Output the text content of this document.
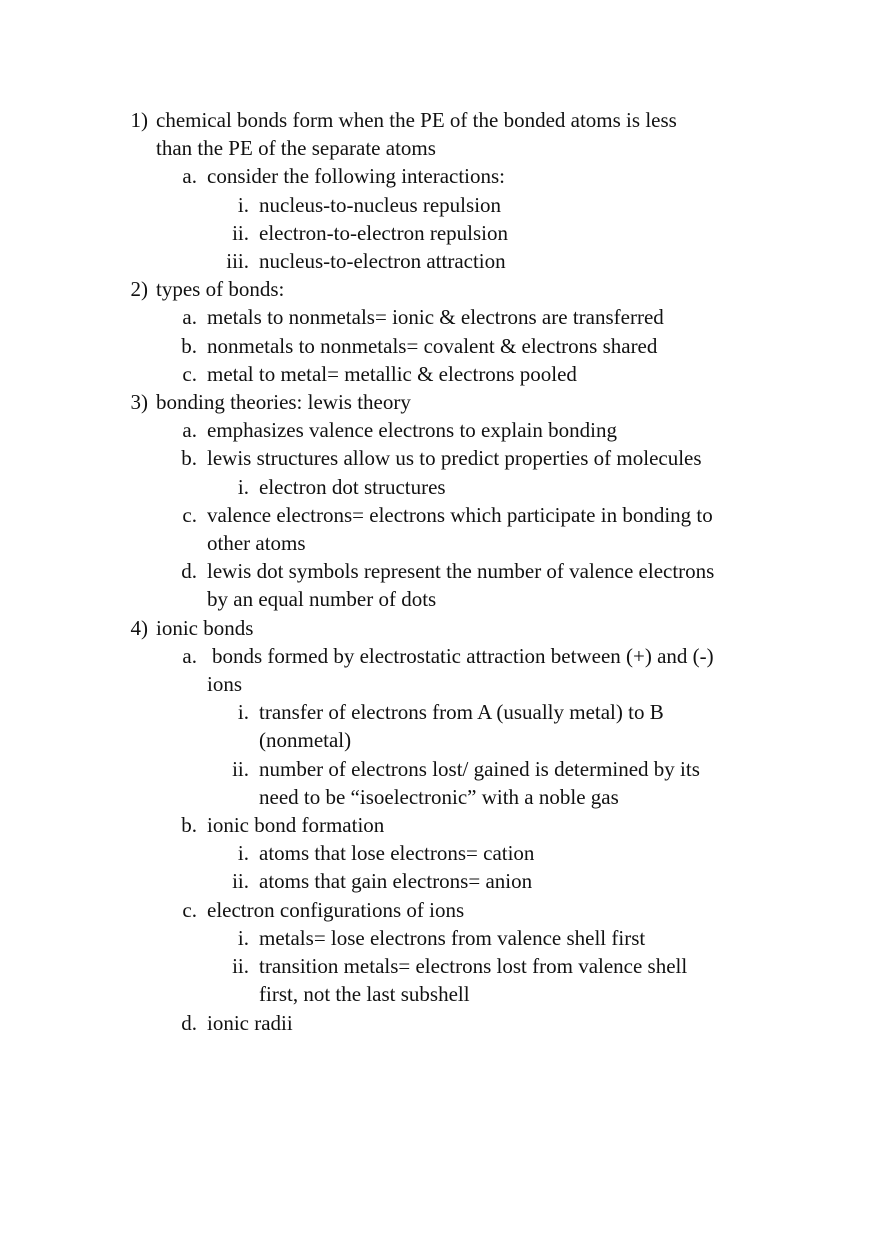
1) chemical bonds form when the PE of the bonded atoms is less

than the PE of the separate atoms
a. consider the following interactions:

i. nucleus-to-nucleus repulsion

ii. electron-to-electron repulsion

iii. nucleus-to-electron attraction

2) types of bonds:

a. metals to nonmetals= ionic & electrons are transferred

b. nonmetals to nonmetals= covalent & electrons shared

c. metal to metal= metallic & electrons pooled

3) bonding theories: lewis theory

a. emphasizes valence electrons to explain bonding

b. lewis structures allow us to predict properties of molecules

i. electron dot structures

c. valence electrons= electrons which participate in bonding to

other atoms
d. lewis dot symbols represent the number of valence electrons

by an equal number of dots
4) ionic bonds

a. bonds formed by electrostatic attraction between (+) and (-)

ions
i. transfer of electrons from A (usually metal) to B

(nonmetal)
ii. number of electrons lost/ gained is determined by its

need to be “isoelectronic” with a noble gas
b. ionic bond formation

i. atoms that lose electrons= cation

ii. atoms that gain electrons= anion

c. electron configurations of ions

i. metals= lose electrons from valence shell first

ii. transition metals= electrons lost from valence shell

first, not the last subshell
d. ionic radii
